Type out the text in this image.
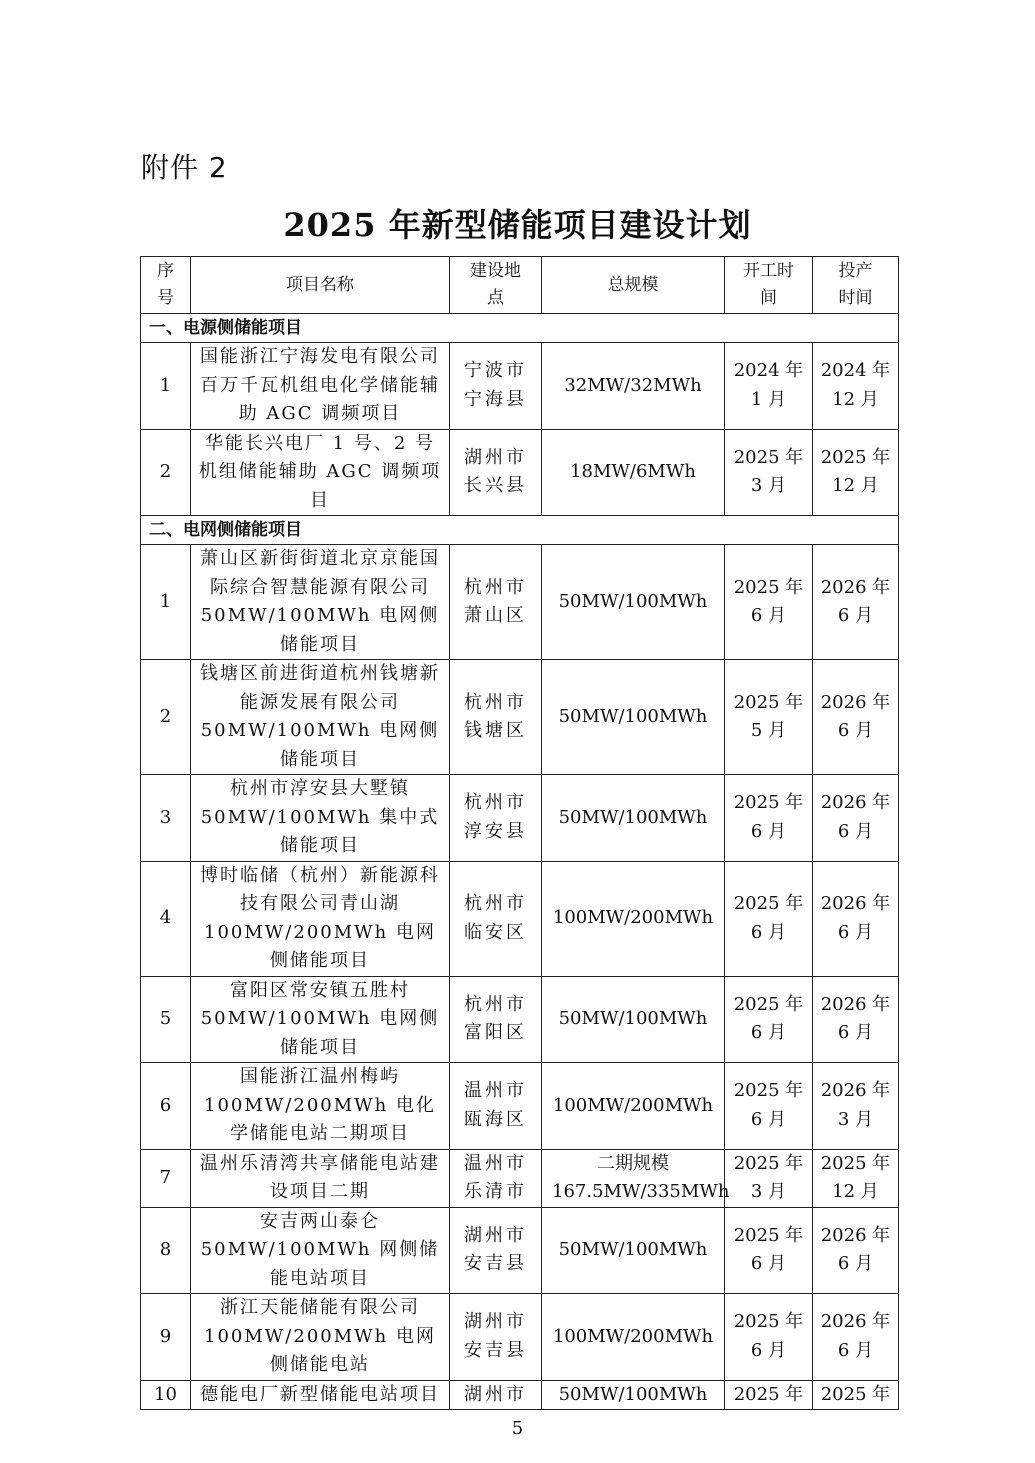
附件 2
2025 年新型储能项目建设计划
序号	项目名称	建设地点	总规模	开工时间	投产时间
一、电源侧储能项目					
1	国能浙江宁海发电有限公司百万千瓦机组电化学储能辅助 AGC 调频项目	宁波市宁海县	32MW/32MWh	2024 年 1 月	2024 年 12 月
2	华能长兴电厂 1 号、2 号机组储能辅助 AGC 调频项目	湖州市长兴县	18MW/6MWh	2025 年 3 月	2025 年 12 月
二、电网侧储能项目					
1	萧山区新街街道北京京能国际综合智慧能源有限公司 50MW/100MWh 电网侧储能项目	杭州市萧山区	50MW/100MWh	2025 年 6 月	2026 年 6 月
2	钱塘区前进街道杭州钱塘新能源发展有限公司 50MW/100MWh 电网侧储能项目	杭州市钱塘区	50MW/100MWh	2025 年 5 月	2026 年 6 月
3	杭州市淳安县大墅镇 50MW/100MWh 集中式储能项目	杭州市淳安县	50MW/100MWh	2025 年 6 月	2026 年 6 月
4	博时临储（杭州）新能源科技有限公司青山湖 100MW/200MWh 电网侧储能项目	杭州市临安区	100MW/200MWh	2025 年 6 月	2026 年 6 月
5	富阳区常安镇五胜村 50MW/100MWh 电网侧储能项目	杭州市富阳区	50MW/100MWh	2025 年 6 月	2026 年 6 月
6	国能浙江温州梅屿 100MW/200MWh 电化学储能电站二期项目	温州市瓯海区	100MW/200MWh	2025 年 6 月	2026 年 3 月
7	温州乐清湾共享储能电站建设项目二期	温州市乐清市	二期规模 167.5MW/335MWh	2025 年 3 月	2025 年 12 月
8	安吉两山泰仑 50MW/100MWh 网侧储能电站项目	湖州市安吉县	50MW/100MWh	2025 年 6 月	2026 年 6 月
9	浙江天能储能有限公司 100MW/200MWh 电网侧储能电站	湖州市安吉县	100MW/200MWh	2025 年 6 月	2026 年 6 月
10	德能电厂新型储能电站项目	湖州市	50MW/100MWh	2025 年	2025 年
5
